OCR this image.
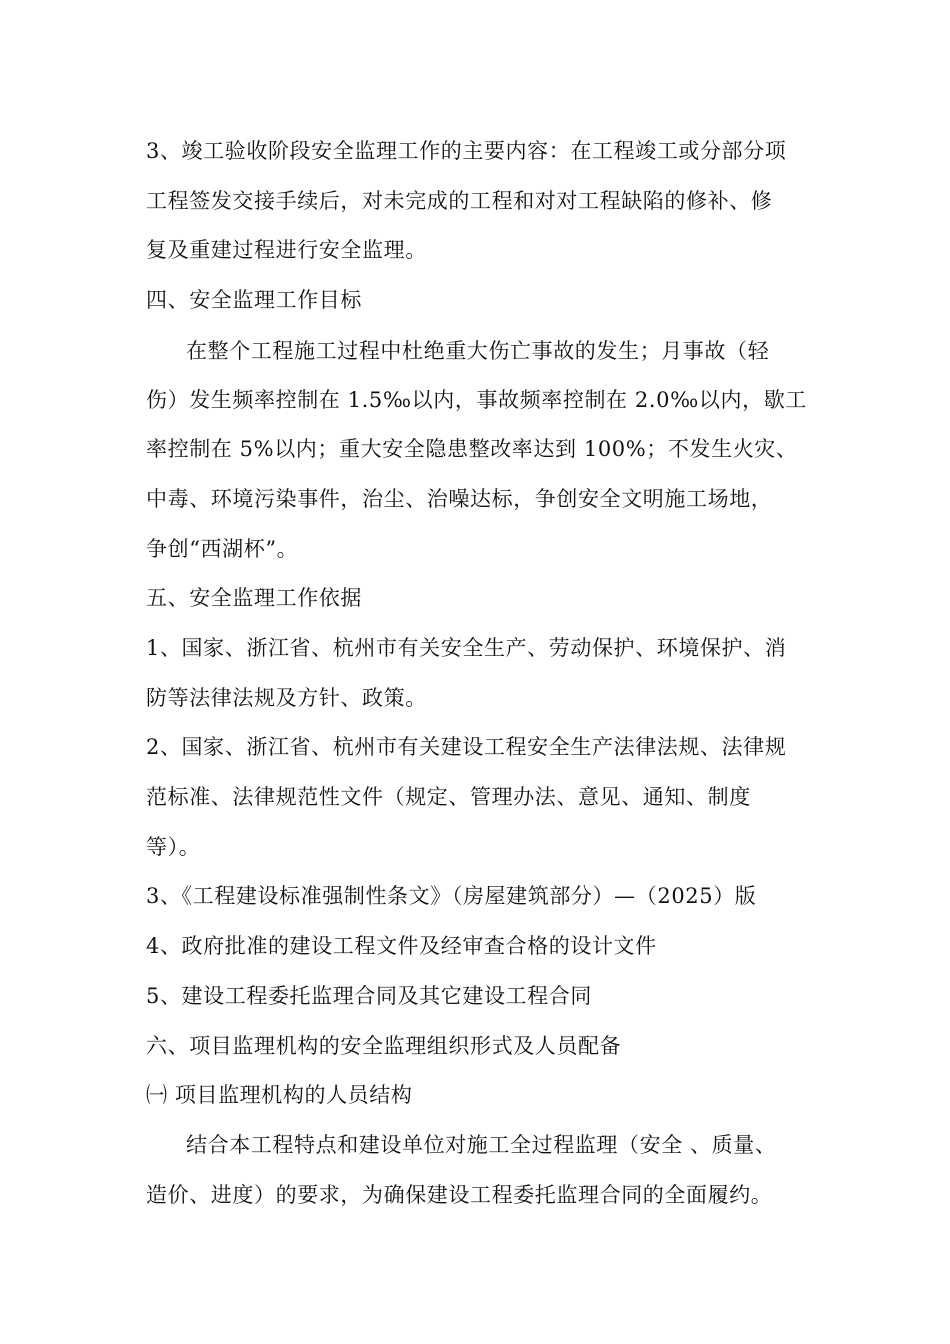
3、竣工验收阶段安全监理工作的主要内容：在工程竣工或分部分项
工程签发交接手续后，对未完成的工程和对对工程缺陷的修补、修
复及重建过程进行安全监理。
四、安全监理工作目标
在整个工程施工过程中杜绝重大伤亡事故的发生；月事故（轻
伤）发生频率控制在 1.5‰以内，事故频率控制在 2.0‰以内，歇工
率控制在 5%以内；重大安全隐患整改率达到 100%；不发生火灾、
中毒、环境污染事件，治尘、治噪达标，争创安全文明施工场地，
争创“西湖杯”。
五、安全监理工作依据
1、国家、浙江省、杭州市有关安全生产、劳动保护、环境保护、消
防等法律法规及方针、政策。
2、国家、浙江省、杭州市有关建设工程安全生产法律法规、法律规
范标准、法律规范性文件（规定、管理办法、意见、通知、制度
等）。
3、《工程建设标准强制性条文》（房屋建筑部分）—（2025）版
4、政府批准的建设工程文件及经审查合格的设计文件
5、建设工程委托监理合同及其它建设工程合同
六、项目监理机构的安全监理组织形式及人员配备
㈠ 项目监理机构的人员结构
结合本工程特点和建设单位对施工全过程监理（安全 、质量、
造价、进度）的要求，为确保建设工程委托监理合同的全面履约。
